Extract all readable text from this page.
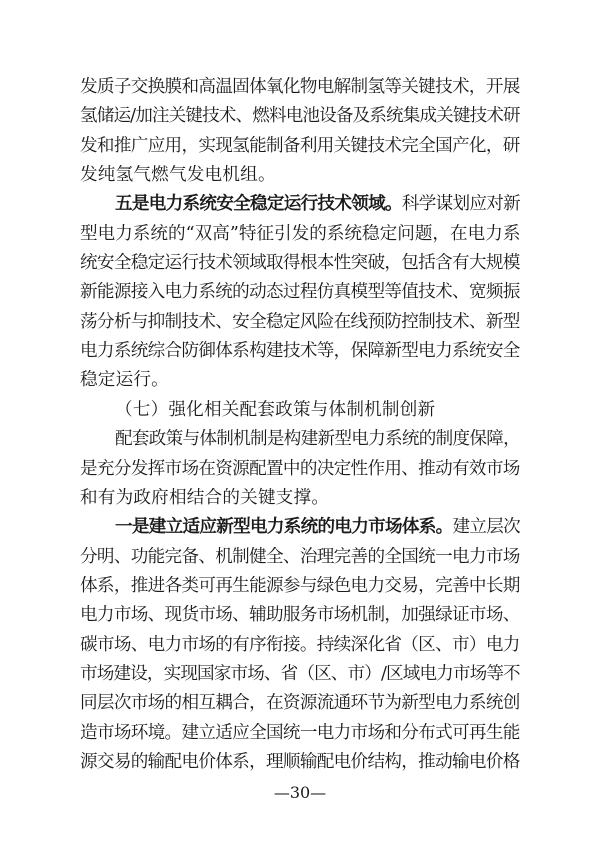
发质子交换膜和高温固体氧化物电解制氢等关键技术，开展
氢储运/加注关键技术、燃料电池设备及系统集成关键技术研
发和推广应用，实现氢能制备利用关键技术完全国产化，研
发纯氢气燃气发电机组。
五是电力系统安全稳定运行技术领域。科学谋划应对新
型电力系统的“双高”特征引发的系统稳定问题，在电力系
统安全稳定运行技术领域取得根本性突破，包括含有大规模
新能源接入电力系统的动态过程仿真模型等值技术、宽频振
荡分析与抑制技术、安全稳定风险在线预防控制技术、新型
电力系统综合防御体系构建技术等，保障新型电力系统安全
稳定运行。
（七）强化相关配套政策与体制机制创新
配套政策与体制机制是构建新型电力系统的制度保障，
是充分发挥市场在资源配置中的决定性作用、推动有效市场
和有为政府相结合的关键支撑。
一是建立适应新型电力系统的电力市场体系。建立层次
分明、功能完备、机制健全、治理完善的全国统一电力市场
体系，推进各类可再生能源参与绿色电力交易，完善中长期
电力市场、现货市场、辅助服务市场机制，加强绿证市场、
碳市场、电力市场的有序衔接。持续深化省（区、市）电力
市场建设，实现国家市场、省（区、市）/区域电力市场等不
同层次市场的相互耦合，在资源流通环节为新型电力系统创
造市场环境。建立适应全国统一电力市场和分布式可再生能
源交易的输配电价体系，理顺输配电价结构，推动输电价格
—30—
